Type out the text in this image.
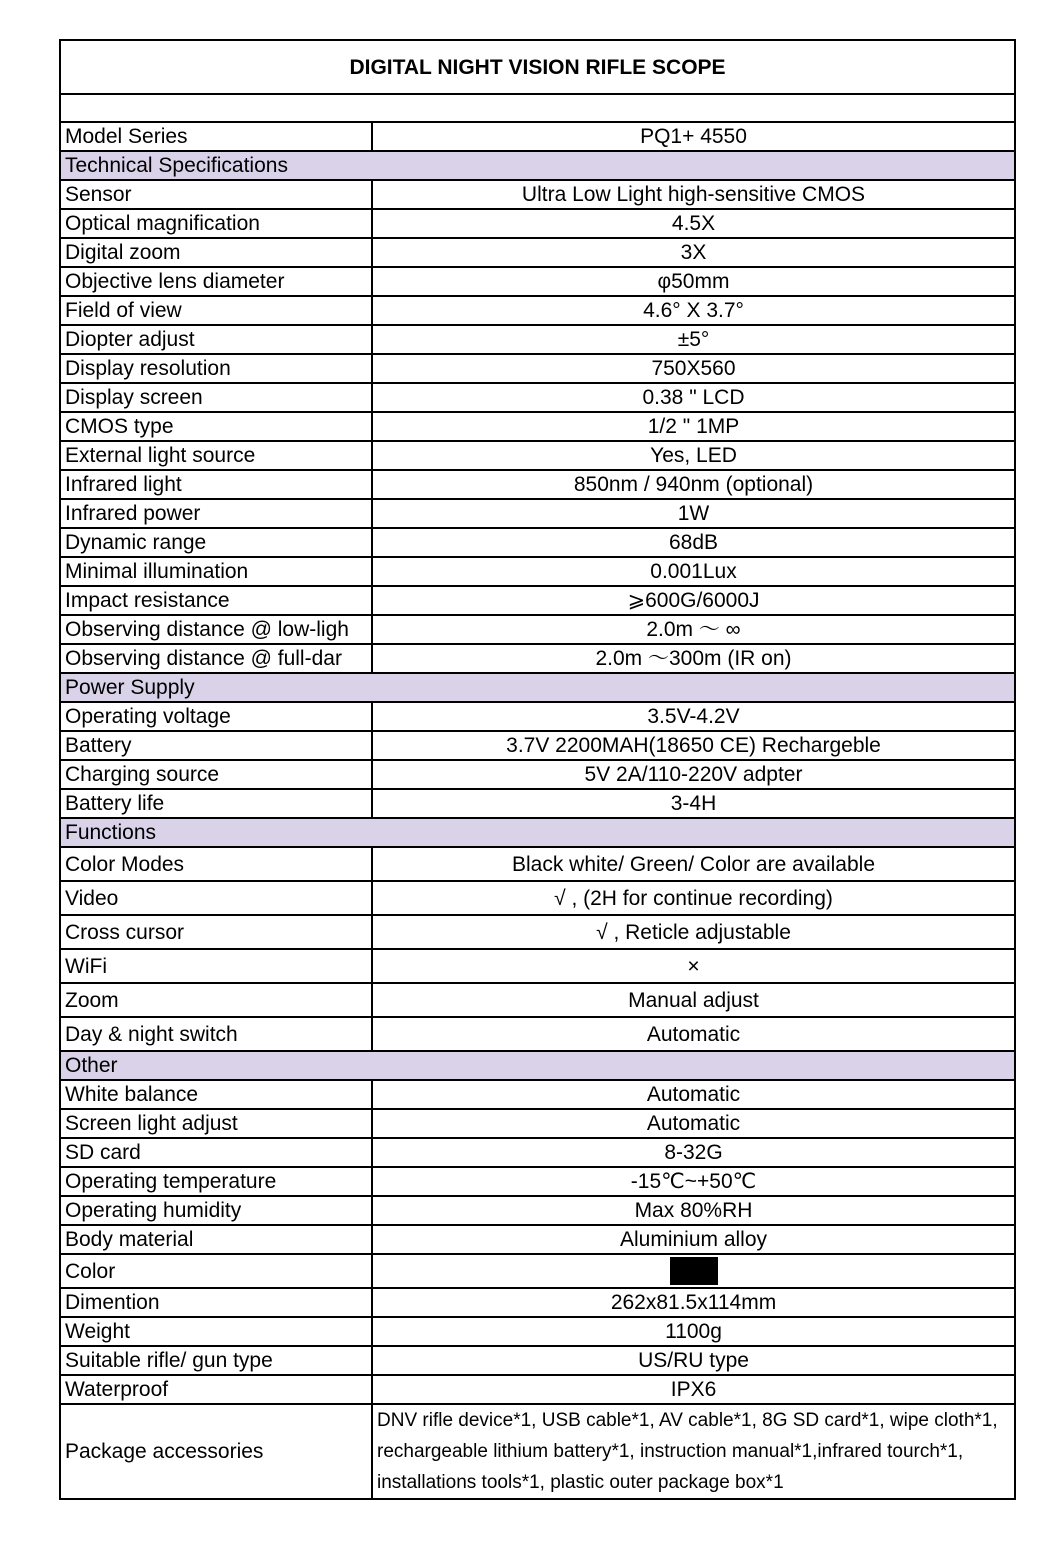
DIGITAL NIGHT VISION RIFLE SCOPE	

Model Series	PQ1+ 4550
Technical Specifications	
Sensor	Ultra Low Light high-sensitive CMOS
Optical magnification	4.5X
Digital zoom	3X
Objective lens diameter	φ50mm
Field of view	4.6° X 3.7°
Diopter adjust	±5°
Display resolution	750X560
Display screen	0.38 " LCD
CMOS type	1/2 " 1MP
External light source	Yes, LED
Infrared light	850nm / 940nm (optional)
Infrared power	1W
Dynamic range	68dB
Minimal illumination	0.001Lux
Impact resistance	⩾600G/6000J
Observing distance @ low-ligh	2.0m ～ ∞
Observing distance @ full-dar	2.0m ～300m (IR on)
Power Supply	
Operating voltage	3.5V-4.2V
Battery	3.7V 2200MAH(18650 CE) Rechargeble
Charging source	5V 2A/110-220V adpter
Battery life	3-4H
Functions	
Color Modes	Black white/ Green/ Color are available
Video	√ , (2H for continue recording)
Cross cursor	√ , Reticle adjustable
WiFi	×
Zoom	Manual adjust
Day & night switch	Automatic
Other	
White balance	Automatic
Screen light adjust	Automatic
SD card	8-32G
Operating temperature	-15℃~+50℃
Operating humidity	Max 80%RH
Body material	Aluminium alloy
Color	
Dimention	262x81.5x114mm
Weight	1100g
Suitable rifle/ gun type	US/RU type
Waterproof	IPX6
Package accessories	DNV rifle device*1, USB cable*1, AV cable*1, 8G SD card*1, wipe cloth*1, rechargeable lithium battery*1, instruction manual*1,infrared tourch*1, installations tools*1, plastic outer package box*1
